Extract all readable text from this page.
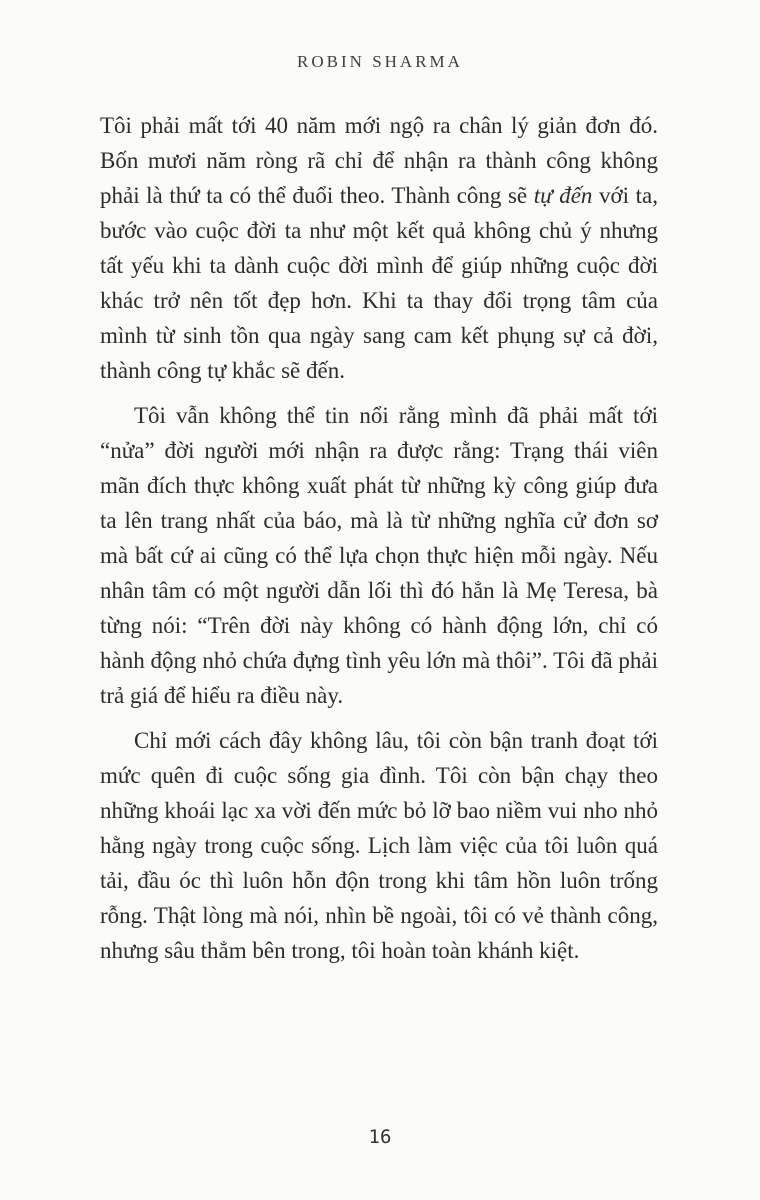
ROBIN SHARMA

Tôi phải mất tới 40 năm mới ngộ ra chân lý giản đơn đó. Bốn mươi năm ròng rã chỉ để nhận ra thành công không phải là thứ ta có thể đuổi theo. Thành công sẽ tự đến với ta, bước vào cuộc đời ta như một kết quả không chủ ý nhưng tất yếu khi ta dành cuộc đời mình để giúp những cuộc đời khác trở nên tốt đẹp hơn. Khi ta thay đổi trọng tâm của mình từ sinh tồn qua ngày sang cam kết phụng sự cả đời, thành công tự khắc sẽ đến.

Tôi vẫn không thể tin nổi rằng mình đã phải mất tới “nửa” đời người mới nhận ra được rằng: Trạng thái viên mãn đích thực không xuất phát từ những kỳ công giúp đưa ta lên trang nhất của báo, mà là từ những nghĩa cử đơn sơ mà bất cứ ai cũng có thể lựa chọn thực hiện mỗi ngày. Nếu nhân tâm có một người dẫn lối thì đó hẳn là Mẹ Teresa, bà từng nói: “Trên đời này không có hành động lớn, chỉ có hành động nhỏ chứa đựng tình yêu lớn mà thôi”. Tôi đã phải trả giá để hiểu ra điều này.

Chỉ mới cách đây không lâu, tôi còn bận tranh đoạt tới mức quên đi cuộc sống gia đình. Tôi còn bận chạy theo những khoái lạc xa vời đến mức bỏ lỡ bao niềm vui nho nhỏ hằng ngày trong cuộc sống. Lịch làm việc của tôi luôn quá tải, đầu óc thì luôn hỗn độn trong khi tâm hồn luôn trống rỗng. Thật lòng mà nói, nhìn bề ngoài, tôi có vẻ thành công, nhưng sâu thẳm bên trong, tôi hoàn toàn khánh kiệt.

16
